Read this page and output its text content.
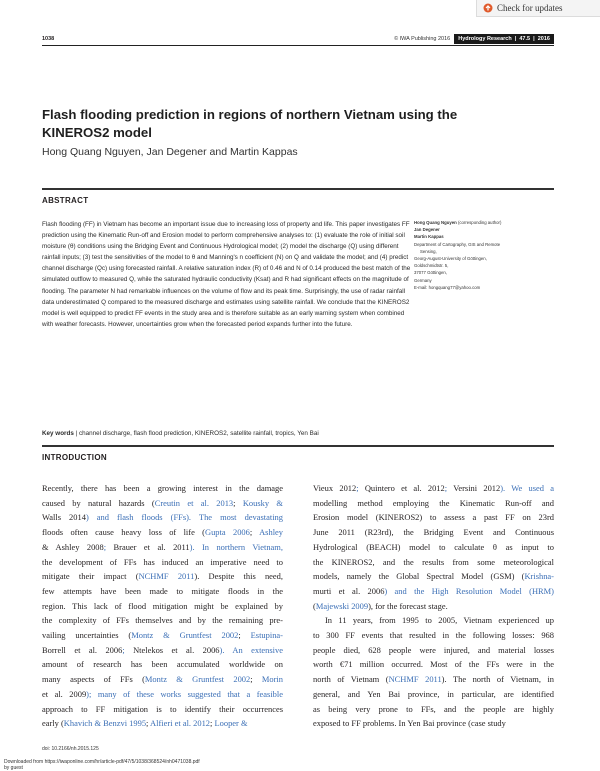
Check for updates
1038	© IWA Publishing 2016	Hydrology Research  |  47.5  |  2016
Flash flooding prediction in regions of northern Vietnam using the KINEROS2 model
Hong Quang Nguyen, Jan Degener and Martin Kappas
ABSTRACT
Flash flooding (FF) in Vietnam has become an important issue due to increasing loss of property and life. This paper investigates FF prediction using the Kinematic Run-off and Erosion model to perform comprehensive analyses to: (1) evaluate the role of initial soil moisture (θ) conditions using the Bridging Event and Continuous Hydrological model; (2) model the discharge (Q) using different rainfall inputs; (3) test the sensitivities of the model to θ and Manning's n coefficient (N) on Q and validate the model; and (4) predict channel discharge (Qc) using forecasted rainfall. A relative saturation index (R) of 0.46 and N of 0.14 produced the best match of the simulated outflow to measured Q, while the saturated hydraulic conductivity (Ksat) and R had significant effects on the magnitude of flooding. The parameter N had remarkable influences on the volume of flow and its peak time. Surprisingly, the use of radar rainfall data underestimated Q compared to the measured discharge and estimates using satellite rainfall. We conclude that the KINEROS2 model is well equipped to predict FF events in the study area and is therefore suitable as an early warning system when combined with weather forecasts. However, uncertainties grow when the forecasted period expands further into the future.
Key words | channel discharge, flash flood prediction, KINEROS2, satellite rainfall, tropics, Yen Bai
Hong Quang Nguyen (corresponding author)
Jan Degener
Martin Kappas
Department of Cartography, GIS and Remote
Sensing,
Georg-August-University of Göttingen,
Goldschmidtstr. 5,
37077 Göttingen,
Germany
E-mail: hongquang77@yahoo.com
INTRODUCTION
Recently, there has been a growing interest in the damage
caused by natural hazards (Creutin et al. 2013; Kousky &
Walls 2014) and flash floods (FFs). The most devastating
floods often cause heavy loss of life (Gupta 2006; Ashley
& Ashley 2008; Brauer et al. 2011). In northern Vietnam,
the development of FFs has induced an imperative need to
mitigate their impact (NCHMF 2011). Despite this need,
few attempts have been made to mitigate floods in the
region. This lack of flood mitigation might be explained by
the complexity of FFs themselves and by the remaining pre-
vailing uncertainties (Montz & Gruntfest 2002; Estupina-
Borrell et al. 2006; Ntelekos et al. 2006). An extensive
amount of research has been accumulated worldwide on
many aspects of FFs (Montz & Gruntfest 2002; Morin
et al. 2009); many of these works suggested that a feasible
approach to FF mitigation is to identify their occurrences
early (Khavich & Benzvi 1995; Alfieri et al. 2012; Looper &
Vieux 2012; Quintero et al. 2012; Versini 2012). We used a
modelling method employing the Kinematic Run-off and
Erosion model (KINEROS2) to assess a past FF on 23rd
June 2011 (R23rd), the Bridging Event and Continuous
Hydrological (BEACH) model to calculate θ as input to
the KINEROS2, and the results from some meteorological
models, namely the Global Spectral Model (GSM) (Krishna-
murti et al. 2006) and the High Resolution Model (HRM)
(Majewski 2009), for the forecast stage.
In 11 years, from 1995 to 2005, Vietnam experienced up
to 300 FF events that resulted in the following losses: 968
people died, 628 people were injured, and material losses
worth €71 million occurred. Most of the FFs were in the
north of Vietnam (NCHMF 2011). The north of Vietnam, in
general, and Yen Bai province, in particular, are identified
as being very prone to FFs, and the people are highly
exposed to FF problems. In Yen Bai province (case study
doi: 10.2166/nh.2015.125
Downloaded from https://iwaponline.com/hr/article-pdf/47/5/1038/368524/nh0471038.pdf
by guest
